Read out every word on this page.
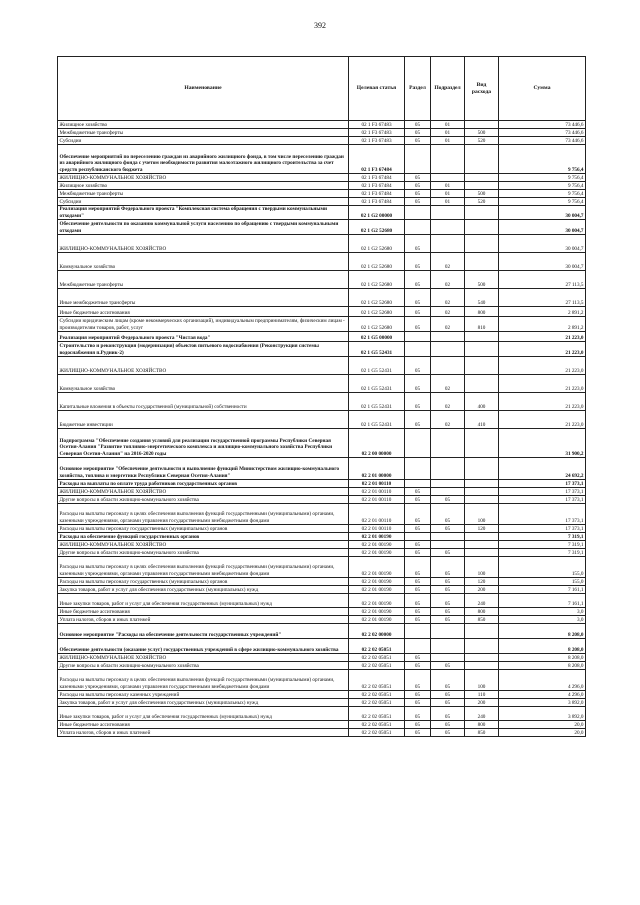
392
Наименование	Целевая статья	Раздел	Подраздел	Вид расхода	Сумма
Жилищное хозяйство	02 1 F3 67483	05	01		73 446,6
Межбюджетные трансферты	02 1 F3 67483	05	01	500	73 446,6
Субсидии	02 1 F3 67483	05	01	520	73 446,6
Обеспечение мероприятий по переселению граждан из аварийного жилищного фонда, в том числе переселению граждан из аварийного жилищного фонда с учетом необходимости развития малоэтажного жилищного строительства за счет средств республиканского бюджета	02 1 F3 67484				9 756,4
ЖИЛИЩНО-КОММУНАЛЬНОЕ ХОЗЯЙСТВО	02 1 F3 67484	05			9 756,4
Жилищное хозяйство	02 1 F3 67484	05	01		9 756,4
Межбюджетные трансферты	02 1 F3 67484	05	01	500	9 756,4
Субсидии	02 1 F3 67484	05	01	520	9 756,4
Реализация мероприятий Федерального проекта "Комплексная система обращения с твердыми коммунальными отходами"	02 1 G2 00000				30 004,7
Обеспечение деятельности по оказанию коммунальной услуги населению по обращению с твердыми коммунальными отходами	02 1 G2 52680				30 004,7
ЖИЛИЩНО-КОММУНАЛЬНОЕ ХОЗЯЙСТВО	02 1 G2 52680	05			30 004,7
Коммунальное хозяйство	02 1 G2 52680	05	02		30 004,7
Межбюджетные трансферты	02 1 G2 52680	05	02	500	27 113,5
Иные межбюджетные трансферты	02 1 G2 52680	05	02	540	27 113,5
Иные бюджетные ассигнования	02 1 G2 52680	05	02	800	2 891,2
Субсидии юридическим лицам (кроме некоммерческих организаций), индивидуальным предпринимателям, физическим лицам - производителям товаров, работ, услуг	02 1 G2 52680	05	02	810	2 891,2
Реализация мероприятий Федерального проекта "Чистая вода"	02 1 G5 00000				21 223,0
Строительство и реконструкция (модернизация) объектов питьевого водоснабжения (Реконструкция системы водоснабжения п.Рудник-2)	02 1 G5 52431				21 223,0
ЖИЛИЩНО-КОММУНАЛЬНОЕ ХОЗЯЙСТВО	02 1 G5 52431	05			21 223,0
Коммунальное хозяйство	02 1 G5 52431	05	02		21 223,0
Капитальные вложения в объекты государственной (муниципальной) собственности	02 1 G5 52431	05	02	400	21 223,0
Бюджетные инвестиции	02 1 G5 52431	05	02	410	21 223,0
Подпрограмма "Обеспечение создания условий для реализации государственной программы Республики Северная Осетия-Алания "Развитие топливно-энергетического комплекса и жилищно-коммунального хозяйства Республики Северная Осетия-Алания" на 2016-2020 годы	02 2 00 00000				31 900,2
Основное мероприятие "Обеспечение деятельности и выполнение функций Министерством жилищно-коммунального хозяйства, топлива и энергетики Республики Северная Осетия-Алания"	02 2 01 00000				24 692,2
Расходы на выплаты по оплате труда работников государственных органов	02 2 01 00110				17 373,1
ЖИЛИЩНО-КОММУНАЛЬНОЕ ХОЗЯЙСТВО	02 2 01 00110	05			17 373,1
Другие вопросы в области жилищно-коммунального хозяйства	02 2 01 00110	05	05		17 373,1
Расходы на выплаты персоналу в целях обеспечения выполнения функций государственными (муниципальными) органами, казенными учреждениями, органами управления государственными внебюджетными фондами	02 2 01 00110	05	05	100	17 373,1
Расходы на выплаты персоналу государственных (муниципальных) органов	02 2 01 00110	05	05	120	17 373,1
Расходы на обеспечение функций государственных органов	02 2 01 00190				7 319,1
ЖИЛИЩНО-КОММУНАЛЬНОЕ ХОЗЯЙСТВО	02 2 01 00190	05			7 319,1
Другие вопросы в области жилищно-коммунального хозяйства	02 2 01 00190	05	05		7 319,1
Расходы на выплаты персоналу в целях обеспечения выполнения функций государственными (муниципальными) органами, казенными учреждениями, органами управления государственными внебюджетными фондами	02 2 01 00190	05	05	100	155,0
Расходы на выплаты персоналу государственных (муниципальных) органов	02 2 01 00190	05	05	120	155,0
Закупка товаров, работ и услуг для обеспечения государственных (муниципальных) нужд	02 2 01 00190	05	05	200	7 161,1
Иные закупки товаров, работ и услуг для обеспечения государственных (муниципальных) нужд	02 2 01 00190	05	05	240	7 161,1
Иные бюджетные ассигнования	02 2 01 00190	05	05	800	3,0
Уплата налогов, сборов и иных платежей	02 2 01 00190	05	05	850	3,0
Основное мероприятие "Расходы на обеспечение деятельности государственных учреждений"	02 2 02 00000				8 208,0
Обеспечение деятельности (оказание услуг) государственных учреждений в сфере жилищно-коммунального хозяйства	02 2 02 05051				8 208,0
ЖИЛИЩНО-КОММУНАЛЬНОЕ ХОЗЯЙСТВО	02 2 02 05051	05			8 208,0
Другие вопросы в области жилищно-коммунального хозяйства	02 2 02 05051	05	05		8 208,0
Расходы на выплаты персоналу в целях обеспечения выполнения функций государственными (муниципальными) органами, казенными учреждениями, органами управления государственными внебюджетными фондами	02 2 02 05051	05	05	100	4 296,0
Расходы на выплаты персоналу казенных учреждений	02 2 02 05051	05	05	110	4 296,0
Закупка товаров, работ и услуг для обеспечения государственных (муниципальных) нужд	02 2 02 05051	05	05	200	3 892,0
Иные закупки товаров, работ и услуг для обеспечения государственных (муниципальных) нужд	02 2 02 05051	05	05	240	3 892,0
Иные бюджетные ассигнования	02 2 02 05051	05	05	800	20,0
Уплата налогов, сборов и иных платежей	02 2 02 05051	05	05	850	20,0
